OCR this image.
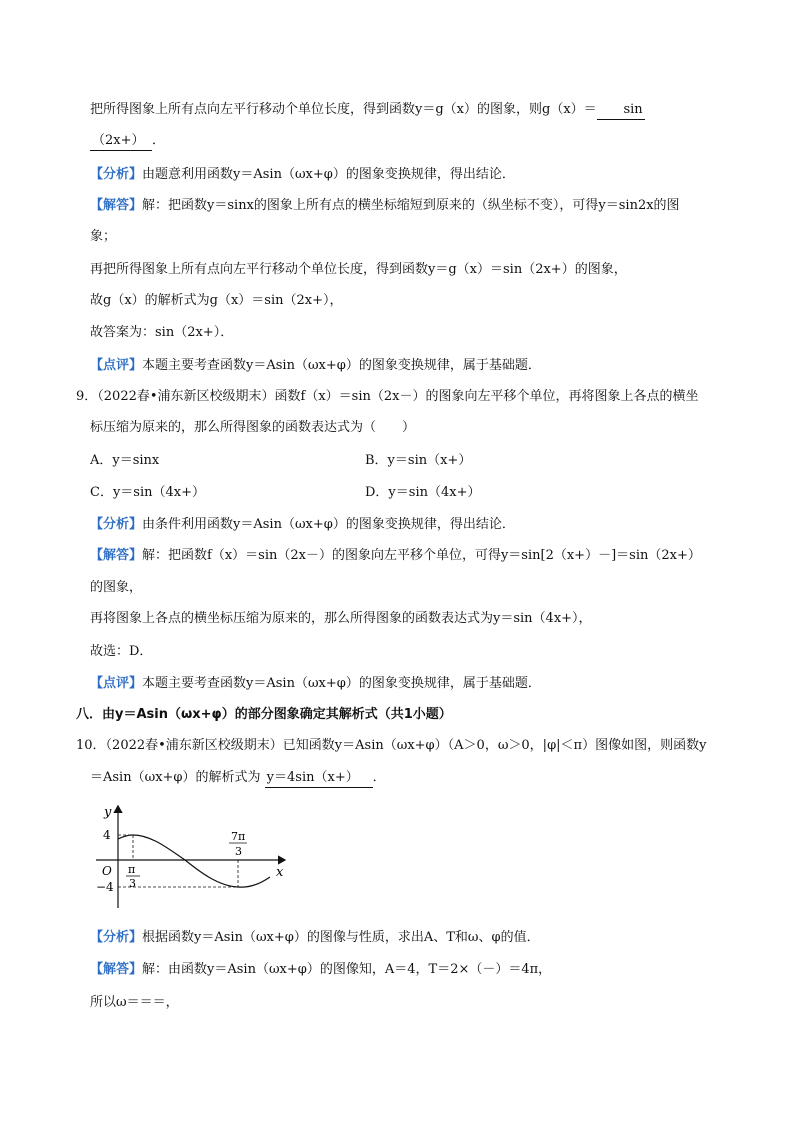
把所得图象上所有点向左平行移动个单位长度，得到函数y＝g（x）的图象，则g（x）＝ sin
（2x+） ．
【分析】由题意利用函数y＝Asin（ωx+φ）的图象变换规律，得出结论．
【解答】解：把函数y＝sinx的图象上所有点的横坐标缩短到原来的（纵坐标不变），可得y＝sin2x的图
象；
再把所得图象上所有点向左平行移动个单位长度，得到函数y＝g（x）＝sin（2x+）的图象，
故g（x）的解析式为g（x）＝sin（2x+），
故答案为：sin（2x+）．
【点评】本题主要考查函数y＝Asin（ωx+φ）的图象变换规律，属于基础题．
9．（2022春•浦东新区校级期末）函数f（x）＝sin（2x－）的图象向左平移个单位，再将图象上各点的横坐
标压缩为原来的，那么所得图象的函数表达式为（　　）
A．y＝sinx	B．y＝sin（x+）
C．y＝sin（4x+）	D．y＝sin（4x+）
【分析】由条件利用函数y＝Asin（ωx+φ）的图象变换规律，得出结论．
【解答】解：把函数f（x）＝sin（2x－）的图象向左平移个单位，可得y＝sin[2（x+）－]＝sin（2x+）
的图象，
再将图象上各点的横坐标压缩为原来的，那么所得图象的函数表达式为y＝sin（4x+），
故选：D．
【点评】本题主要考查函数y＝Asin（ωx+φ）的图象变换规律，属于基础题．
八．由y＝Asin（ωx+φ）的部分图象确定其解析式（共1小题）
10．（2022春•浦东新区校级期末）已知函数y＝Asin（ωx+φ）（A＞0，ω＞0，|φ|＜π）图像如图，则函数y
＝Asin（ωx+φ）的解析式为 y＝4sin（x+） ．
y
x
O
4
−4
π
3
7π
3
【分析】根据函数y＝Asin（ωx+φ）的图像与性质，求出A、T和ω、φ的值．
【解答】解：由函数y＝Asin（ωx+φ）的图像知，A＝4，T＝2×（－）＝4π，
所以ω＝＝＝，
